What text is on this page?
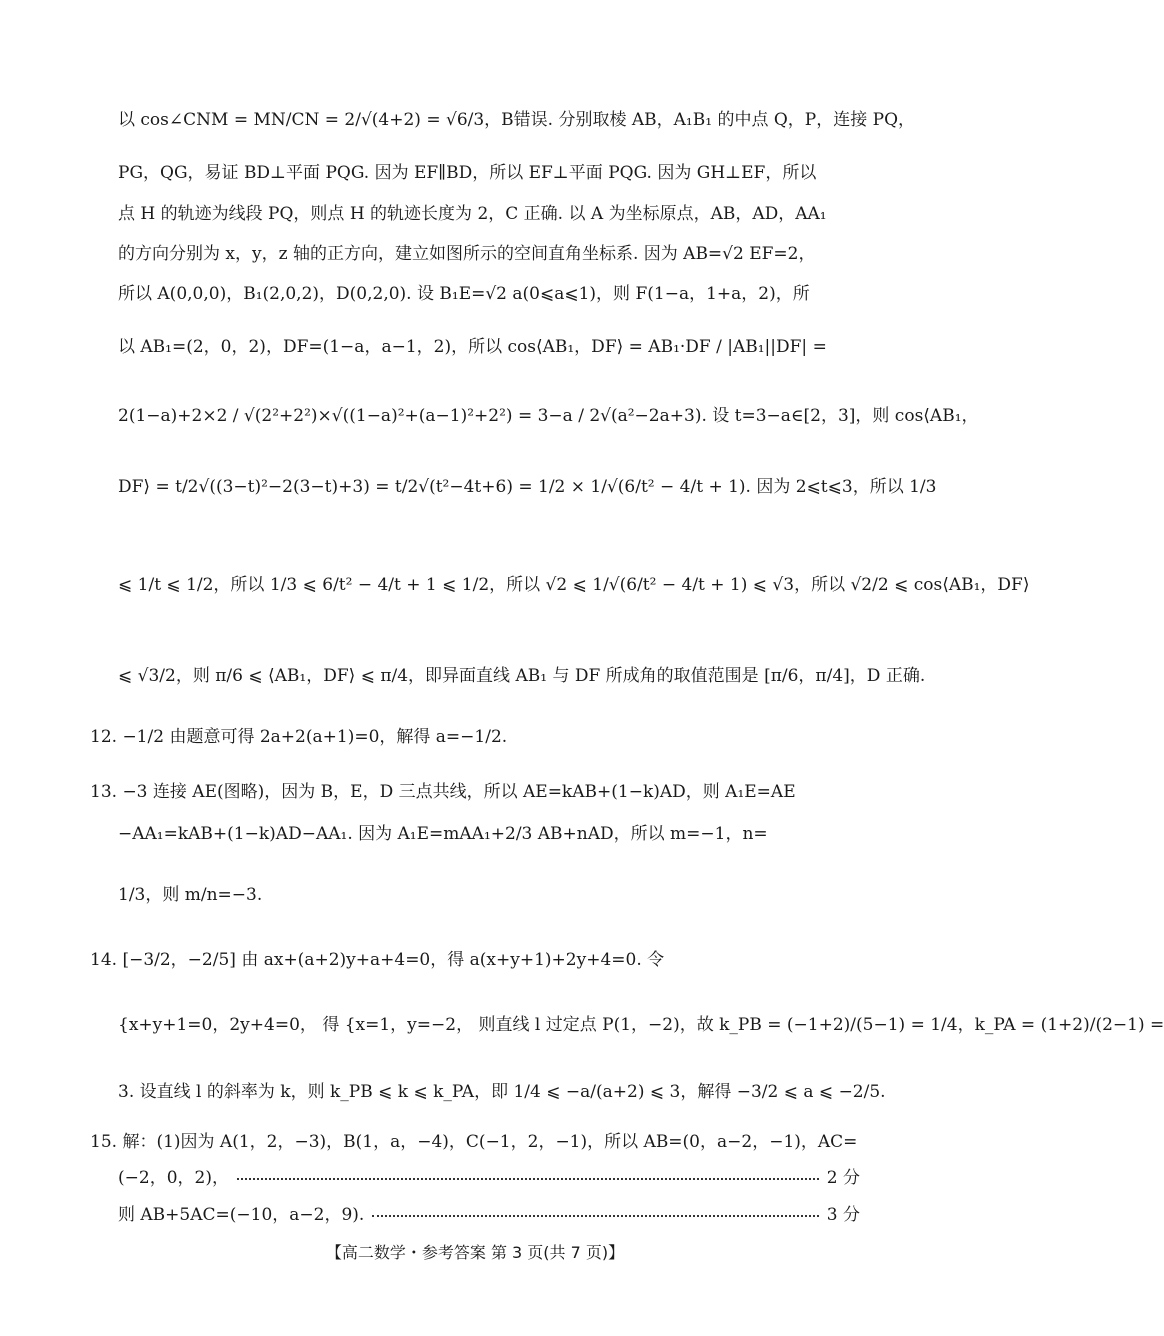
以 cos∠CNM = MN/CN = 2/√(4+2) = √6/3，B错误. 分别取棱 AB，A₁B₁ 的中点 Q，P，连接 PQ，
PG，QG，易证 BD⊥平面 PQG. 因为 EF∥BD，所以 EF⊥平面 PQG. 因为 GH⊥EF，所以
点 H 的轨迹为线段 PQ，则点 H 的轨迹长度为 2，C 正确. 以 A 为坐标原点，AB，AD，AA₁
的方向分别为 x，y，z 轴的正方向，建立如图所示的空间直角坐标系. 因为 AB=√2 EF=2，
所以 A(0,0,0)，B₁(2,0,2)，D(0,2,0). 设 B₁E=√2 a(0⩽a⩽1)，则 F(1−a，1+a，2)，所
以 AB₁=(2，0，2)，DF=(1−a，a−1，2)，所以 cos⟨AB₁，DF⟩ = AB₁·DF / |AB₁||DF| =
2(1−a)+2×2 / √(2²+2²)×√((1−a)²+(a−1)²+2²) = 3−a / 2√(a²−2a+3). 设 t=3−a∈[2，3]，则 cos⟨AB₁，
DF⟩ = t/2√((3−t)²−2(3−t)+3) = t/2√(t²−4t+6) = 1/2 × 1/√(6/t² − 4/t + 1). 因为 2⩽t⩽3，所以 1/3
⩽ 1/t ⩽ 1/2，所以 1/3 ⩽ 6/t² − 4/t + 1 ⩽ 1/2，所以 √2 ⩽ 1/√(6/t² − 4/t + 1) ⩽ √3，所以 √2/2 ⩽ cos⟨AB₁，DF⟩
⩽ √3/2，则 π/6 ⩽ ⟨AB₁，DF⟩ ⩽ π/4，即异面直线 AB₁ 与 DF 所成角的取值范围是 [π/6，π/4]，D 正确.
12. −1/2 由题意可得 2a+2(a+1)=0，解得 a=−1/2.
13. −3 连接 AE(图略)，因为 B，E，D 三点共线，所以 AE=kAB+(1−k)AD，则 A₁E=AE
−AA₁=kAB+(1−k)AD−AA₁. 因为 A₁E=mAA₁+2/3 AB+nAD，所以 m=−1，n=
1/3，则 m/n=−3.
14. [−3/2，−2/5] 由 ax+(a+2)y+a+4=0，得 a(x+y+1)+2y+4=0. 令
{x+y+1=0，2y+4=0， 得 {x=1，y=−2， 则直线 l 过定点 P(1，−2)，故 k_PB = (−1+2)/(5−1) = 1/4，k_PA = (1+2)/(2−1) =
3. 设直线 l 的斜率为 k，则 k_PB ⩽ k ⩽ k_PA，即 1/4 ⩽ −a/(a+2) ⩽ 3，解得 −3/2 ⩽ a ⩽ −2/5.
15. 解：(1)因为 A(1，2，−3)，B(1，a，−4)，C(−1，2，−1)，所以 AB=(0，a−2，−1)，AC=
(−2，0，2)，	2 分
则 AB+5AC=(−10，a−2，9).	3 分
【高二数学・参考答案 第 3 页(共 7 页)】
